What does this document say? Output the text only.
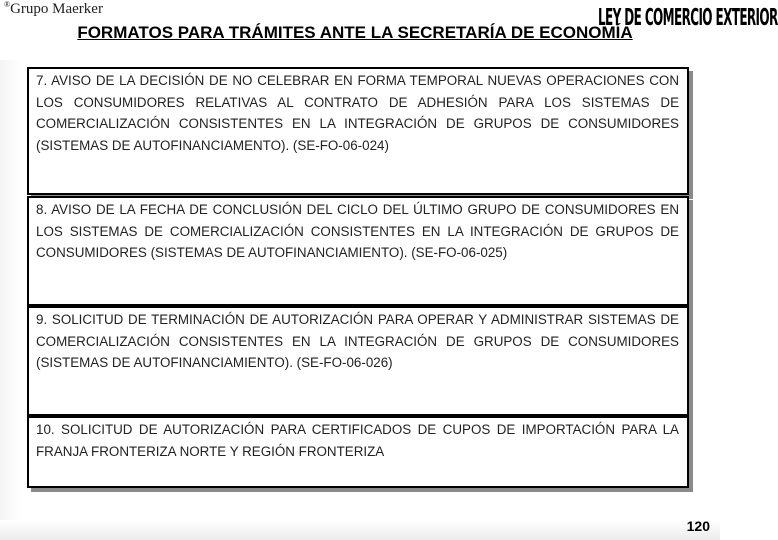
®Grupo Maerker	LEY DE COMERCIO EXTERIOR
FORMATOS PARA TRÁMITES ANTE LA SECRETARÍA DE ECONOMÍA
7. AVISO DE LA DECISIÓN DE NO CELEBRAR EN FORMA TEMPORAL NUEVAS OPERACIONES CON LOS CONSUMIDORES RELATIVAS AL CONTRATO DE ADHESIÓN PARA LOS SISTEMAS DE COMERCIALIZACIÓN CONSISTENTES EN LA INTEGRACIÓN DE GRUPOS DE CONSUMIDORES (SISTEMAS DE AUTOFINANCIAMENTO). (SE-FO-06-024)
8. AVISO DE LA FECHA DE CONCLUSIÓN DEL CICLO DEL ÚLTIMO GRUPO DE CONSUMIDORES EN LOS SISTEMAS DE COMERCIALIZACIÓN CONSISTENTES EN LA INTEGRACIÓN DE GRUPOS DE CONSUMIDORES (SISTEMAS DE AUTOFINANCIAMIENTO). (SE-FO-06-025)
9. SOLICITUD DE TERMINACIÓN DE AUTORIZACIÓN PARA OPERAR Y ADMINISTRAR SISTEMAS DE COMERCIALIZACIÓN CONSISTENTES EN LA INTEGRACIÓN DE GRUPOS DE CONSUMIDORES (SISTEMAS DE AUTOFINANCIAMIENTO). (SE-FO-06-026)
10. SOLICITUD DE AUTORIZACIÓN PARA CERTIFICADOS DE CUPOS DE IMPORTACIÓN PARA LA FRANJA FRONTERIZA NORTE Y REGIÓN FRONTERIZA
120
